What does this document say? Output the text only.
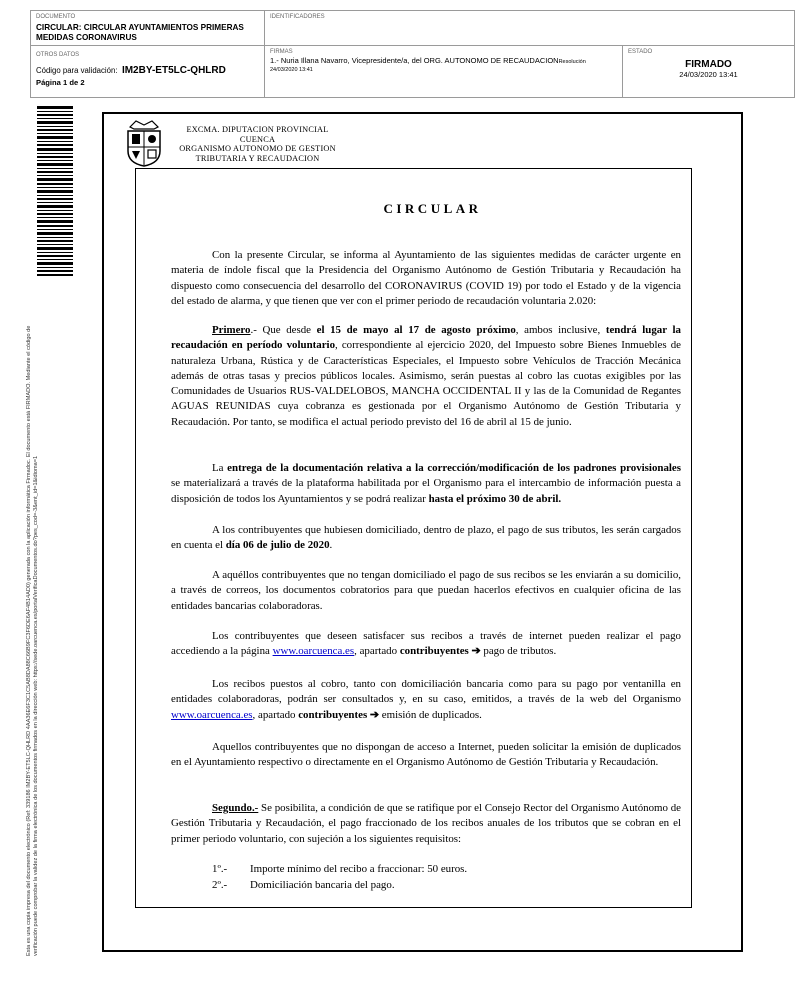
DOCUMENTO
CIRCULAR: CIRCULAR AYUNTAMIENTOS PRIMERAS MEDIDAS CORONAVIRUS
IDENTIFICADORES
OTROS DATOS
Código para validación: IM2BY-ET5LC-QHLRD
Página 1 de 2
FIRMAS
1.- Nuria Illana Navarro, Vicepresidente/a, del ORG. AUTONOMO DE RECAUDACIONResolución
24/03/2020 13:41
ESTADO
FIRMADO
24/03/2020 13:41
Esta es una copia impresa del documento electrónico (Ref: 339186 IM2BY-ET5LC-QHLRD 4AA36E6F3C1C5AB8DA88C66B9FC3F6DE6AF4B14AD0) generada con la aplicación informática Firmadoc. El documento está FIRMADO. Mediante el código de verificación puede comprobar la validez de la firma electrónica de los documentos firmados en la dirección web: https://sede.oarcuenca.es/portalVerificaDocumentos.do?pes_cod=-3&ent_id=1&idioma=1
EXCMA. DIPUTACION PROVINCIAL
CUENCA
ORGANISMO AUTONOMO DE GESTION
TRIBUTARIA Y RECAUDACION
CIRCULAR
Con la presente Circular, se informa al Ayuntamiento de las siguientes medidas de carácter urgente en materia de índole fiscal que la Presidencia del Organismo Autónomo de Gestión Tributaria y Recaudación ha dispuesto como consecuencia del desarrollo del CORONAVIRUS (COVID 19) por todo el Estado y de la vigencia del estado de alarma, y que tienen que ver con el primer periodo de recaudación voluntaria 2.020:
Primero.- Que desde el 15 de mayo al 17 de agosto próximo, ambos inclusive, tendrá lugar la recaudación en período voluntario, correspondiente al ejercicio 2020, del Impuesto sobre Bienes Inmuebles de naturaleza Urbana, Rústica y de Características Especiales, el Impuesto sobre Vehículos de Tracción Mecánica además de otras tasas y precios públicos locales. Asimismo, serán puestas al cobro las cuotas exigibles por las Comunidades de Usuarios RUS-VALDELOBOS, MANCHA OCCIDENTAL II y las de la Comunidad de Regantes AGUAS REUNIDAS cuya cobranza es gestionada por el Organismo Autónomo de Gestión Tributaria y Recaudación. Por tanto, se modifica el actual periodo previsto del 16 de abril al 15 de junio.
La entrega de la documentación relativa a la corrección/modificación de los padrones provisionales se materializará a través de la plataforma habilitada por el Organismo para el intercambio de información puesta a disposición de todos los Ayuntamientos y se podrá realizar hasta el próximo 30 de abril.
A los contribuyentes que hubiesen domiciliado, dentro de plazo, el pago de sus tributos, les serán cargados en cuenta el día 06 de julio de 2020.
A aquéllos contribuyentes que no tengan domiciliado el pago de sus recibos se les enviarán a su domicilio, a través de correos, los documentos cobratorios para que puedan hacerlos efectivos en cualquier oficina de las entidades bancarias colaboradoras.
Los contribuyentes que deseen satisfacer sus recibos a través de internet pueden realizar el pago accediendo a la página www.oarcuenca.es, apartado contribuyentes ➔ pago de tributos.
Los recibos puestos al cobro, tanto con domiciliación bancaria como para su pago por ventanilla en entidades colaboradoras, podrán ser consultados y, en su caso, emitidos, a través de la web del Organismo www.oarcuenca.es, apartado contribuyentes ➔ emisión de duplicados.
Aquellos contribuyentes que no dispongan de acceso a Internet, pueden solicitar la emisión de duplicados en el Ayuntamiento respectivo o directamente en el Organismo Autónomo de Gestión Tributaria y Recaudación.
Segundo.- Se posibilita, a condición de que se ratifique por el Consejo Rector del Organismo Autónomo de Gestión Tributaria y Recaudación, el pago fraccionado de los recibos anuales de los tributos que se cobran en el primer periodo voluntario, con sujeción a los siguientes requisitos:
1º.- Importe mínimo del recibo a fraccionar: 50 euros.
2º.- Domiciliación bancaria del pago.
